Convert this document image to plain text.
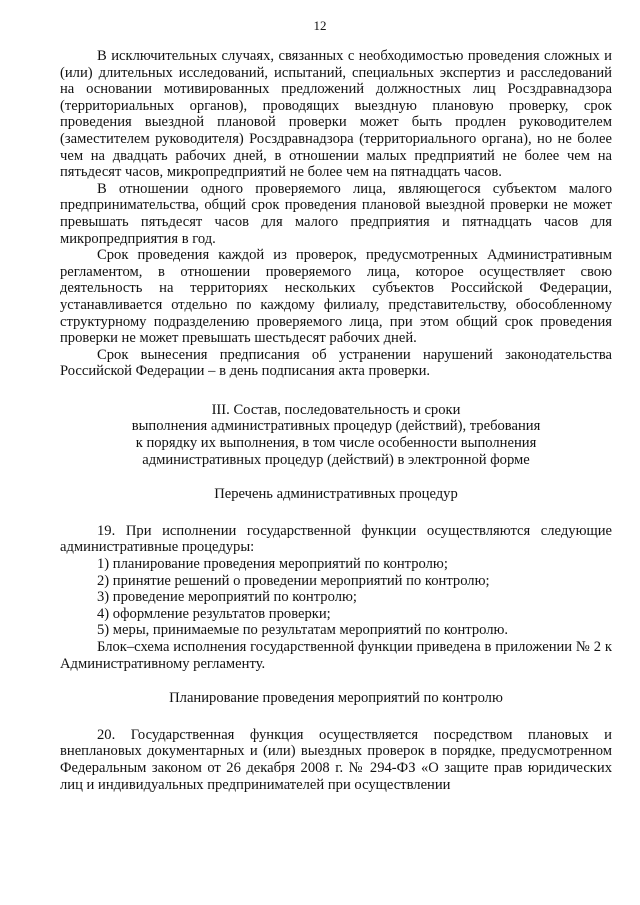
12

В исключительных случаях, связанных с необходимостью проведения сложных и (или) длительных исследований, испытаний, специальных экспертиз и расследований на основании мотивированных предложений должностных лиц Росздравнадзора (территориальных органов), проводящих выездную плановую проверку, срок проведения выездной плановой проверки может быть продлен руководителем (заместителем руководителя) Росздравнадзора (территориального органа), но не более чем на двадцать рабочих дней, в отношении малых предприятий не более чем на пятьдесят часов, микропредприятий не более чем на пятнадцать часов.

В отношении одного проверяемого лица, являющегося субъектом малого предпринимательства, общий срок проведения плановой выездной проверки не может превышать пятьдесят часов для малого предприятия и пятнадцать часов для микропредприятия в год.

Срок проведения каждой из проверок, предусмотренных Административным регламентом, в отношении проверяемого лица, которое осуществляет свою деятельность на территориях нескольких субъектов Российской Федерации, устанавливается отдельно по каждому филиалу, представительству, обособленному структурному подразделению проверяемого лица, при этом общий срок проведения проверки не может превышать шестьдесят рабочих дней.

Срок вынесения предписания об устранении нарушений законодательства Российской Федерации – в день подписания акта проверки.

III. Состав, последовательность и сроки
выполнения административных процедур (действий), требования
к порядку их выполнения, в том числе особенности выполнения
административных процедур (действий) в электронной форме
Перечень административных процедур

19. При исполнении государственной функции осуществляются следующие административные процедуры:

1) планирование проведения мероприятий по контролю;

2) принятие решений о проведении мероприятий по контролю;

3) проведение мероприятий по контролю;

4) оформление результатов проверки;

5) меры, принимаемые по результатам мероприятий по контролю.

Блок–схема исполнения государственной функции приведена в приложении № 2 к Административному регламенту.

Планирование проведения мероприятий по контролю

20. Государственная функция осуществляется посредством плановых и внеплановых документарных и (или) выездных проверок в порядке, предусмотренном Федеральным законом от 26 декабря 2008 г. № 294-ФЗ «О защите прав юридических лиц и индивидуальных предпринимателей при осуществлении
